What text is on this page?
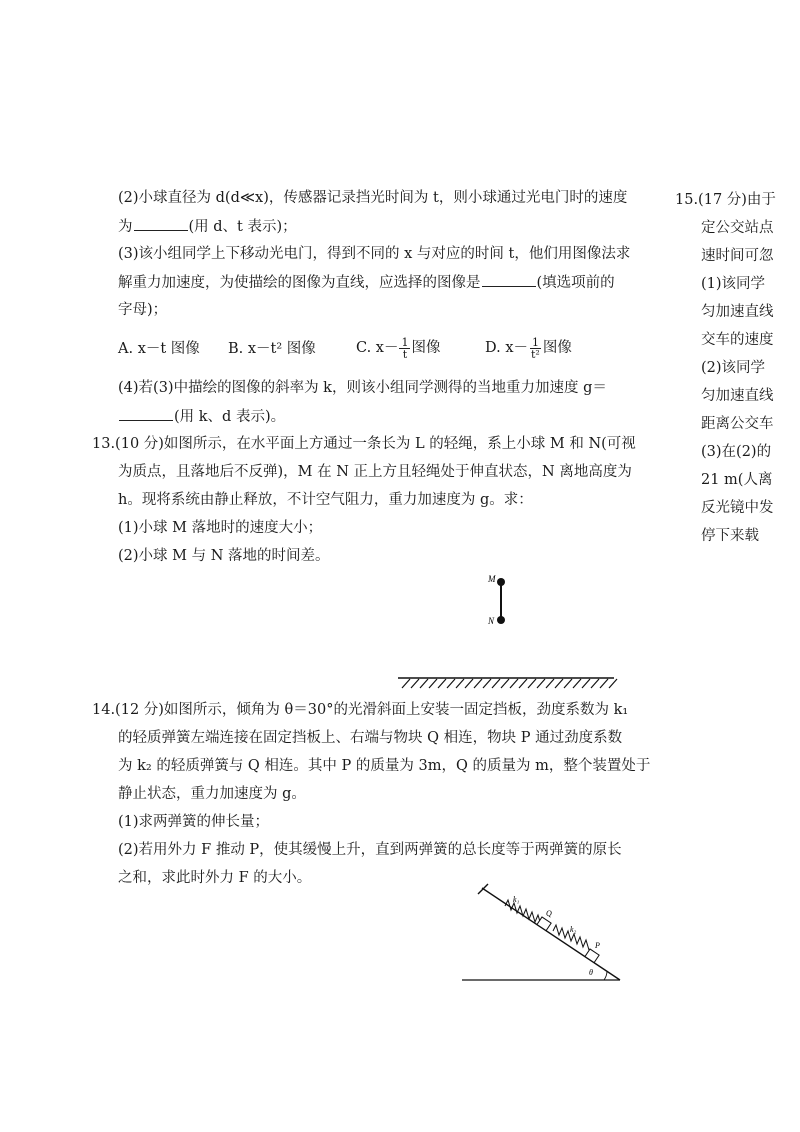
(2)小球直径为 d(d≪x)，传感器记录挡光时间为 t，则小球通过光电门时的速度
为	(用 d、t 表示)；
(3)该小组同学上下移动光电门，得到不同的 x 与对应的时间 t，他们用图像法求
解重力加速度，为使描绘的图像为直线，应选择的图像是	(填选项前的
字母)；
A. x－t 图像 B. x－t² 图像	C. $x- \frac{1}{t}$ 图像	D. $x- \frac{1}{\text{t²}}$ 图像
(4)若(3)中描绘的图像的斜率为 k，则该小组同学测得的当地重力加速度 g＝
(用 k、d 表示)。
13.(10 分)如图所示，在水平面上方通过一条长为 L 的轻绳，系上小球 M 和 N(可视
为质点，且落地后不反弹)，M 在 N 正上方且轻绳处于伸直状态，N 离地高度为
h。现将系统由静止释放，不计空气阻力，重力加速度为 g。求：
(1)小球 M 落地时的速度大小；
(2)小球 M 与 N 落地的时间差。
M
N
14.(12 分)如图所示，倾角为 θ＝30°的光滑斜面上安装一固定挡板，劲度系数为 k₁
的轻质弹簧左端连接在固定挡板上、右端与物块 Q 相连，物块 P 通过劲度系数
为 k₂ 的轻质弹簧与 Q 相连。其中 P 的质量为 3m，Q 的质量为 m，整个装置处于
静止状态，重力加速度为 g。
(1)求两弹簧的伸长量；
(2)若用外力 F 推动 P，使其缓慢上升，直到两弹簧的总长度等于两弹簧的原长
之和，求此时外力 F 的大小。
k₁
Q
k₂
P
θ
15.(17 分)由于
定公交站点
速时间可忽
(1)该同学
匀加速直线
交车的速度
(2)该同学
匀加速直线
距离公交车
(3)在(2)的
21 m(人离
反光镜中发
停下来载
